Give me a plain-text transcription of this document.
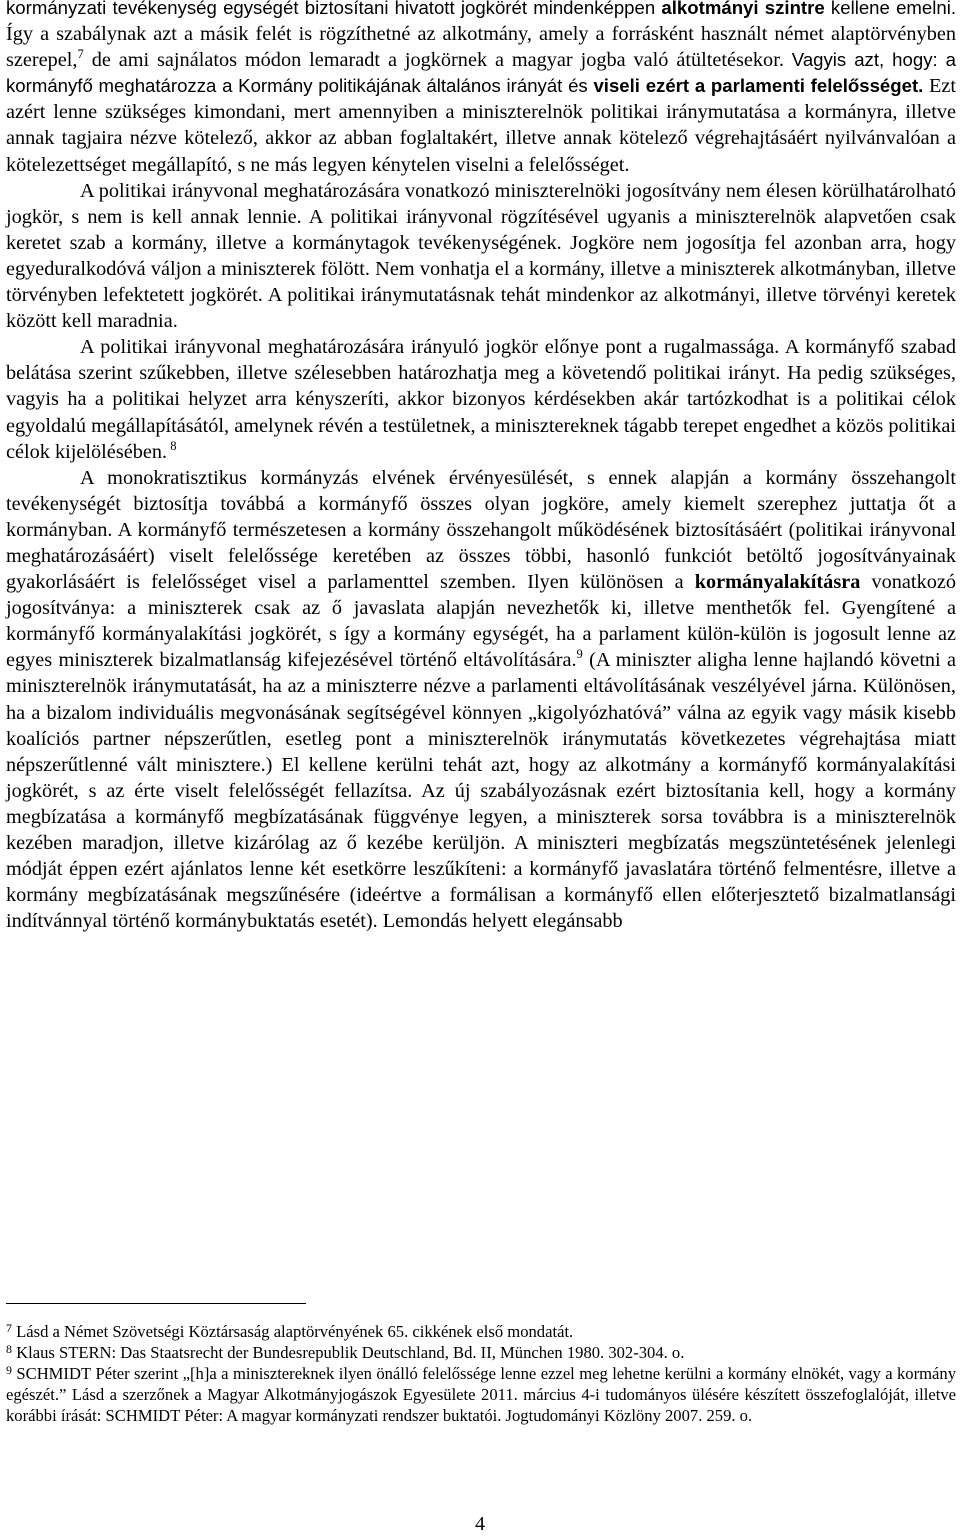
kormányzati tevékenység egységét biztosítani hivatott jogkörét mindenképpen alkotmányi szintre kellene emelni. Így a szabálynak azt a másik felét is rögzíthetné az alkotmány, amely a forrásként használt német alaptörvényben szerepel,$^7$ de ami sajnálatos módon lemaradt a jogkörnek a magyar jogba való átültetésekor. Vagyis azt, hogy: a kormányfő meghatározza a Kormány politikájának általános irányát és viseli ezért a parlamenti felelősséget. Ezt azért lenne szükséges kimondani, mert amennyiben a miniszterelnök politikai iránymutatása a kormányra, illetve annak tagjaira nézve kötelező, akkor az abban foglaltakért, illetve annak kötelező végrehajtásáért nyilvánvalóan a kötelezettséget megállapító, s ne más legyen kénytelen viselni a felelősséget.

A politikai irányvonal meghatározására vonatkozó miniszterelnöki jogosítvány nem élesen körülhatárolható jogkör, s nem is kell annak lennie. A politikai irányvonal rögzítésével ugyanis a miniszterelnök alapvetően csak keretet szab a kormány, illetve a kormánytagok tevékenységének. Jogköre nem jogosítja fel azonban arra, hogy egyeduralkodóvá váljon a miniszterek fölött. Nem vonhatja el a kormány, illetve a miniszterek alkotmányban, illetve törvényben lefektetett jogkörét. A politikai iránymutatásnak tehát mindenkor az alkotmányi, illetve törvényi keretek között kell maradnia.

A politikai irányvonal meghatározására irányuló jogkör előnye pont a rugalmassága. A kormányfő szabad belátása szerint szűkebben, illetve szélesebben határozhatja meg a követendő politikai irányt. Ha pedig szükséges, vagyis ha a politikai helyzet arra kényszeríti, akkor bizonyos kérdésekben akár tartózkodhat is a politikai célok egyoldalú megállapításától, amelynek révén a testületnek, a minisztereknek tágabb terepet engedhet a közös politikai célok kijelölésében. $^8$

A monokratisztikus kormányzás elvének érvényesülését, s ennek alapján a kormány összehangolt tevékenységét biztosítja továbbá a kormányfő összes olyan jogköre, amely kiemelt szerephez juttatja őt a kormányban. A kormányfő természetesen a kormány összehangolt működésének biztosításáért (politikai irányvonal meghatározásáért) viselt felelőssége keretében az összes többi, hasonló funkciót betöltő jogosítványainak gyakorlásáért is felelősséget visel a parlamenttel szemben. Ilyen különösen a kormányalakításra vonatkozó jogosítványa: a miniszterek csak az ő javaslata alapján nevezhetők ki, illetve menthetők fel. Gyengítené a kormányfő kormányalakítási jogkörét, s így a kormány egységét, ha a parlament külön-külön is jogosult lenne az egyes miniszterek bizalmatlanság kifejezésével történő eltávolítására.$^9$ (A miniszter aligha lenne hajlandó követni a miniszterelnök iránymutatását, ha az a miniszterre nézve a parlamenti eltávolításának veszélyével járna. Különösen, ha a bizalom individuális megvonásának segítségével könnyen „kigolyózhatóvá” válna az egyik vagy másik kisebb koalíciós partner népszerűtlen, esetleg pont a miniszterelnök iránymutatás következetes végrehajtása miatt népszerűtlenné vált minisztere.) El kellene kerülni tehát azt, hogy az alkotmány a kormányfő kormányalakítási jogkörét, s az érte viselt felelősségét fellazítsa. Az új szabályozásnak ezért biztosítania kell, hogy a kormány megbízatása a kormányfő megbízatásának függvénye legyen, a miniszterek sorsa továbbra is a miniszterelnök kezében maradjon, illetve kizárólag az ő kezébe kerüljön. A miniszteri megbízatás megszüntetésének jelenlegi módját éppen ezért ajánlatos lenne két esetkörre leszűkíteni: a kormányfő javaslatára történő felmentésre, illetve a kormány megbízatásának megszűnésére (ideértve a formálisan a kormányfő ellen előterjesztető bizalmatlansági indítvánnyal történő kormánybuktatás esetét). Lemondás helyett elegánsabb

$^7$ Lásd a Német Szövetségi Köztársaság alaptörvényének 65. cikkének első mondatát.

$^8$ Klaus STERN: Das Staatsrecht der Bundesrepublik Deutschland, Bd. II, München 1980. 302-304. o.

$^9$ SCHMIDT Péter szerint „[h]a a minisztereknek ilyen önálló felelőssége lenne ezzel meg lehetne kerülni a kormány elnökét, vagy a kormány egészét.” Lásd a szerzőnek a Magyar Alkotmányjogászok Egyesülete 2011. március 4-i tudományos ülésére készített összefoglalóját, illetve korábbi írását: SCHMIDT Péter: A magyar kormányzati rendszer buktatói. Jogtudományi Közlöny 2007. 259. o.

4
